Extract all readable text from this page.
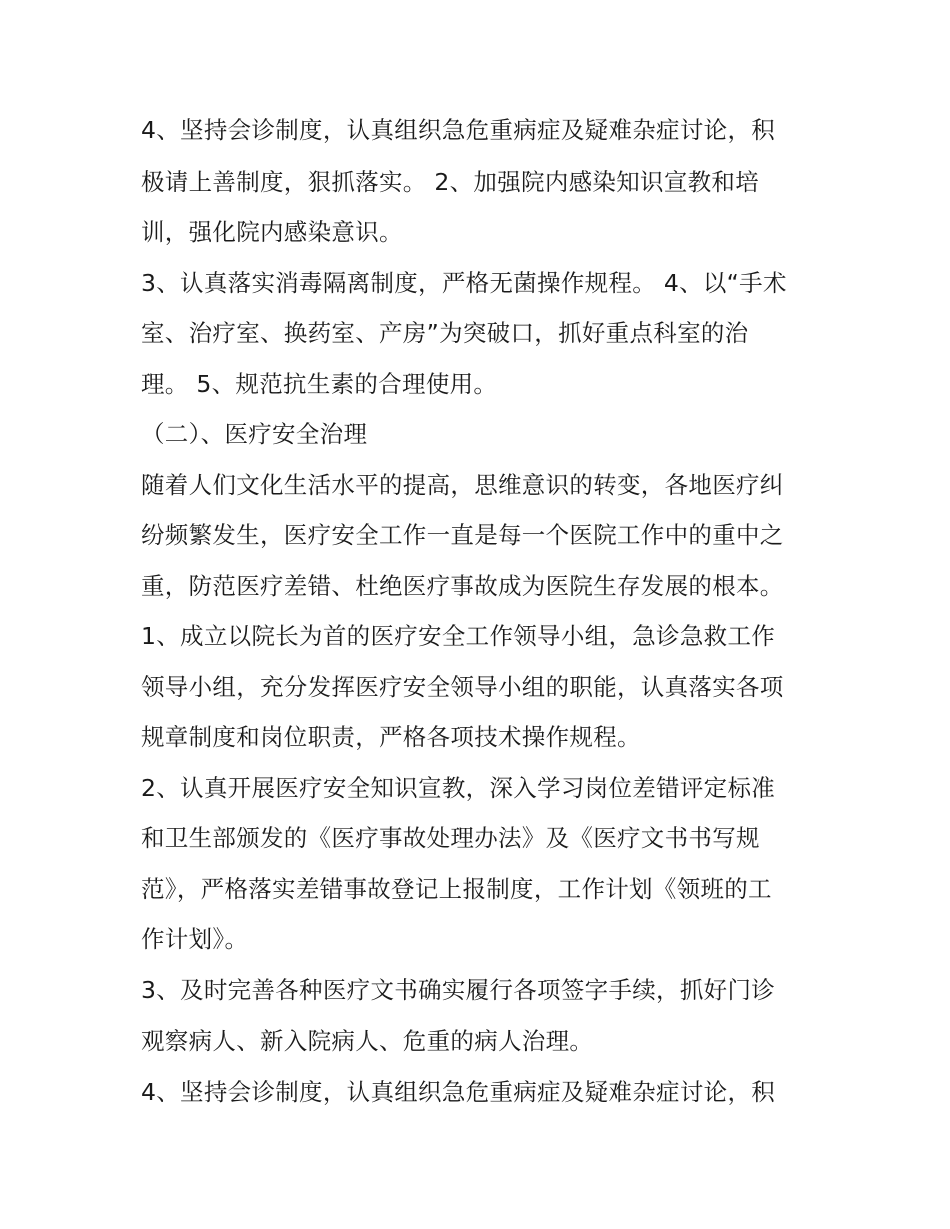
4、坚持会诊制度，认真组织急危重病症及疑难杂症讨论，积
极请上善制度，狠抓落实。 2、加强院内感染知识宣教和培
训，强化院内感染意识。
3、认真落实消毒隔离制度，严格无菌操作规程。 4、以“手术
室、治疗室、换药室、产房”为突破口，抓好重点科室的治
理。 5、规范抗生素的合理使用。
（二）、医疗安全治理
随着人们文化生活水平的提高，思维意识的转变，各地医疗纠
纷频繁发生，医疗安全工作一直是每一个医院工作中的重中之
重，防范医疗差错、杜绝医疗事故成为医院生存发展的根本。
1、成立以院长为首的医疗安全工作领导小组，急诊急救工作
领导小组，充分发挥医疗安全领导小组的职能，认真落实各项
规章制度和岗位职责，严格各项技术操作规程。
2、认真开展医疗安全知识宣教，深入学习岗位差错评定标准
和卫生部颁发的《医疗事故处理办法》及《医疗文书书写规
范》，严格落实差错事故登记上报制度，工作计划《领班的工
作计划》。
3、及时完善各种医疗文书确实履行各项签字手续，抓好门诊
观察病人、新入院病人、危重的病人治理。
4、坚持会诊制度，认真组织急危重病症及疑难杂症讨论，积
